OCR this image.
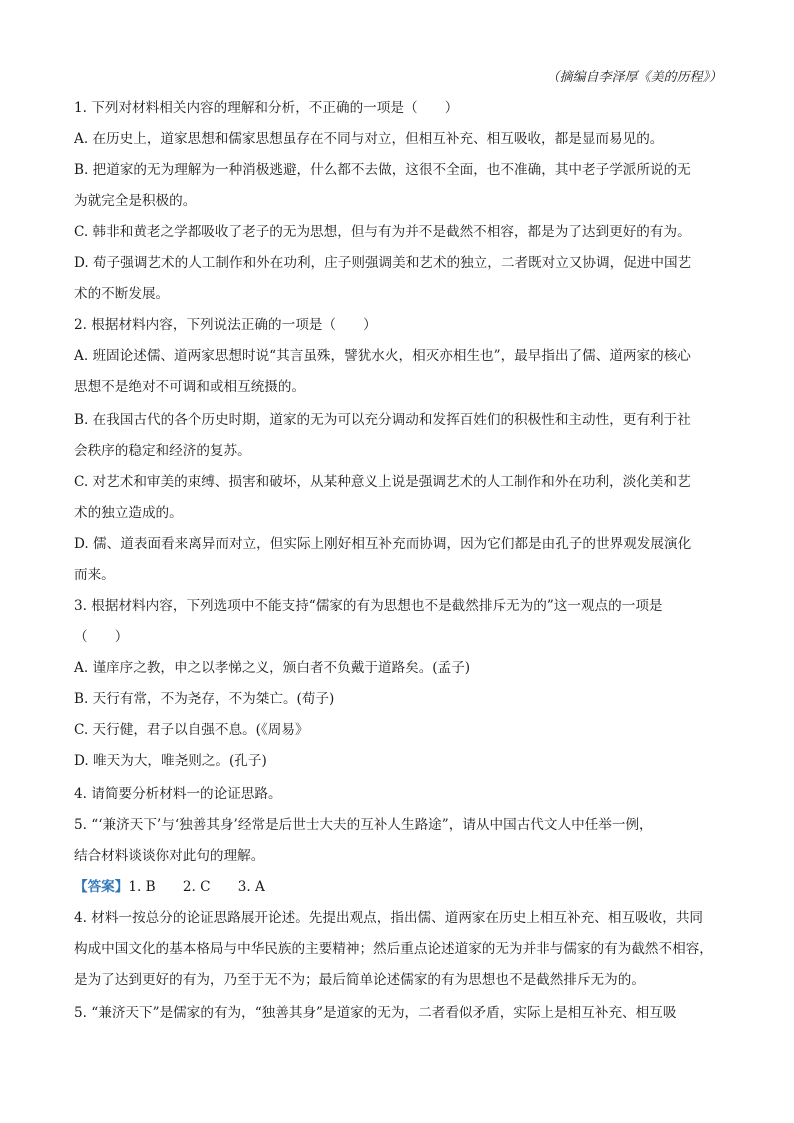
（摘编自李泽厚《美的历程》）
1. 下列对材料相关内容的理解和分析，不正确的一项是（　　）
A. 在历史上，道家思想和儒家思想虽存在不同与对立，但相互补充、相互吸收，都是显而易见的。
B. 把道家的无为理解为一种消极逃避，什么都不去做，这很不全面，也不准确，其中老子学派所说的无
为就完全是积极的。
C. 韩非和黄老之学都吸收了老子的无为思想，但与有为并不是截然不相容，都是为了达到更好的有为。
D. 荀子强调艺术的人工制作和外在功利，庄子则强调美和艺术的独立，二者既对立又协调，促进中国艺
术的不断发展。
2. 根据材料内容，下列说法正确的一项是（　　）
A. 班固论述儒、道两家思想时说“其言虽殊，譬犹水火，相灭亦相生也”，最早指出了儒、道两家的核心
思想不是绝对不可调和或相互统摄的。
B. 在我国古代的各个历史时期，道家的无为可以充分调动和发挥百姓们的积极性和主动性，更有利于社
会秩序的稳定和经济的复苏。
C. 对艺术和审美的束缚、损害和破坏，从某种意义上说是强调艺术的人工制作和外在功利，淡化美和艺
术的独立造成的。
D. 儒、道表面看来离异而对立，但实际上刚好相互补充而协调，因为它们都是由孔子的世界观发展演化
而来。
3. 根据材料内容，下列选项中不能支持“儒家的有为思想也不是截然排斥无为的”这一观点的一项是
（　　）
A. 谨庠序之教，申之以孝悌之义，颁白者不负戴于道路矣。(孟子)
B. 天行有常，不为尧存，不为桀亡。(荀子)
C. 天行健，君子以自强不息。(《周易》
D. 唯天为大，唯尧则之。(孔子)
4. 请简要分析材料一的论证思路。
5. “‘兼济天下’与‘独善其身’经常是后世士大夫的互补人生路途”，请从中国古代文人中任举一例，
结合材料谈谈你对此句的理解。
【答案】1. B　　2. C　　3. A
4. 材料一按总分的论证思路展开论述。先提出观点，指出儒、道两家在历史上相互补充、相互吸收，共同
构成中国文化的基本格局与中华民族的主要精神；然后重点论述道家的无为并非与儒家的有为截然不相容，
是为了达到更好的有为，乃至于无不为；最后简单论述儒家的有为思想也不是截然排斥无为的。
5. “兼济天下”是儒家的有为，“独善其身”是道家的无为，二者看似矛盾，实际上是相互补充、相互吸
